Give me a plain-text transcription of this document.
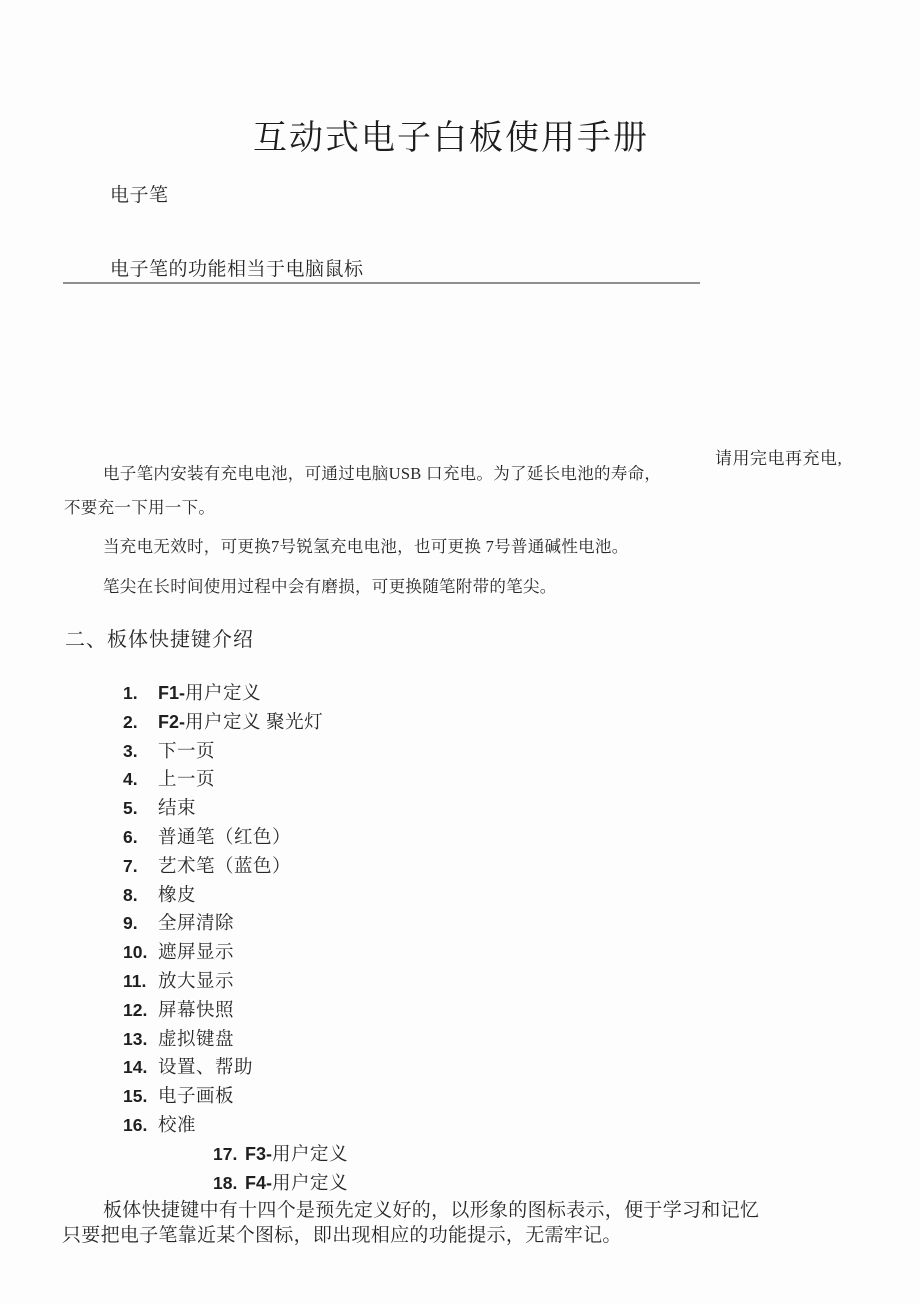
互动式电子白板使用手册
电子笔
电子笔的功能相当于电脑鼠标
请用完电再充电,
电子笔内安装有充电电池，可通过电脑USB 口充电。为了延长电池的寿命，
不要充一下用一下。
当充电无效时，可更换7号锐氢充电电池，也可更换 7号普通碱性电池。
笔尖在长时间使用过程中会有磨损，可更换随笔附带的笔尖。
二、板体快捷键介绍
1.	F1- 用户定义
2.	F2- 用户定义 聚光灯
3.	下一页
4.	上一页
5.	结束
6.	普通笔（红色）
7.	艺术笔（蓝色）
8.	橡皮
9.	全屏清除
10. 遮屏显示
11. 放大显示
12. 屏幕快照
13. 虚拟键盘
14. 设置、帮助
15. 电子画板
16. 校准
17. F3- 用户定义
18. F4- 用户定义
板体快捷键中有十四个是预先定义好的，以形象的图标表示，便于学习和记忆
只要把电子笔靠近某个图标，即出现相应的功能提示，无需牢记。
